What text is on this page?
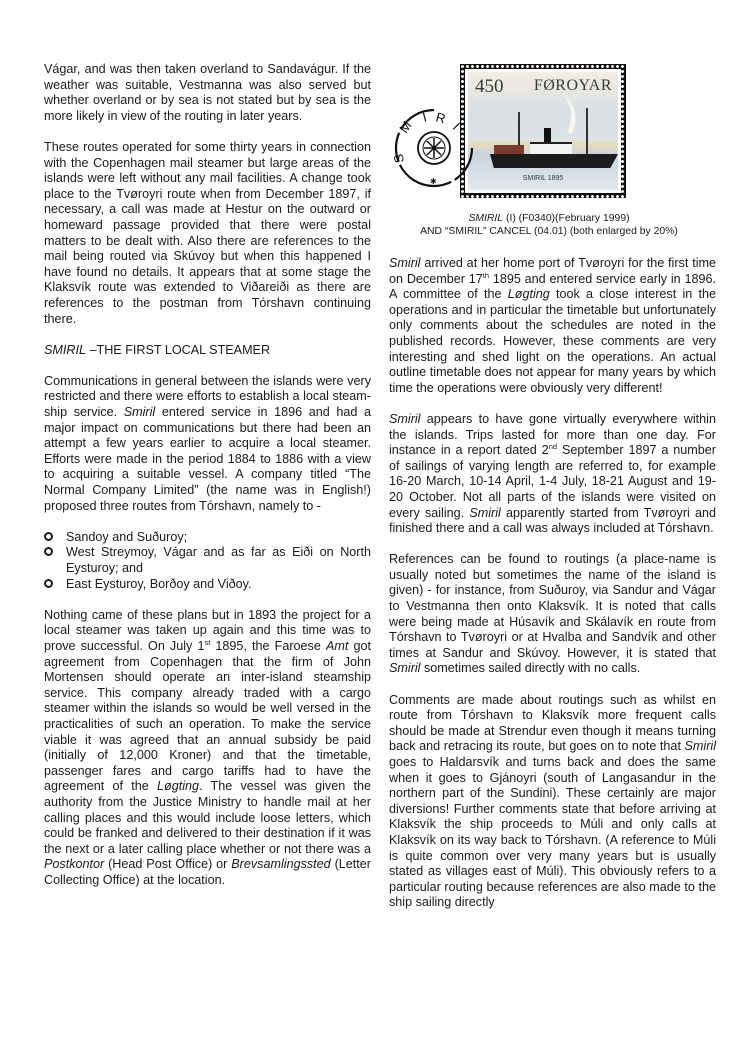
Vágar, and was then taken overland to Sandavágur. If the weather was suitable, Vestmanna was also served but whether overland or by sea is not stated but by sea is the more likely in view of the routing in later years.

These routes operated for some thirty years in connection with the Copenhagen mail steamer but large areas of the islands were left without any mail facilities. A change took place to the Tvøroyri route when from December 1897, if necessary, a call was made at Hestur on the outward or homeward passage provided that there were postal matters to be dealt with. Also there are references to the mail being routed via Skúvoy but when this happened I have found no details. It appears that at some stage the Klaksvík route was extended to Viðareiði as there are references to the postman from Tórshavn continuing there.

SMIRIL –THE FIRST LOCAL STEAMER

Communications in general between the islands were very restricted and there were efforts to establish a local steam-ship service. Smiril entered service in 1896 and had a major impact on communications but there had been an attempt a few years earlier to acquire a local steamer. Efforts were made in the period 1884 to 1886 with a view to acquiring a suitable vessel. A company titled “The Normal Company Limited” (the name was in English!) proposed three routes from Tórshavn, namely to -

Sandoy and Suðuroy;
West Streymoy, Vágar and as far as Eiði on North Eysturoy; and
East Eysturoy, Borðoy and Viðoy.

Nothing came of these plans but in 1893 the project for a local steamer was taken up again and this time was to prove successful. On July 1st 1895, the Faroese Amt got agreement from Copenhagen that the firm of John Mortensen should operate an inter-island steamship service. This company already traded with a cargo steamer within the islands so would be well versed in the practicalities of such an operation. To make the service viable it was agreed that an annual subsidy be paid (initially of 12,000 Kroner) and that the timetable, passenger fares and cargo tariffs had to have the agreement of the Løgting. The vessel was given the authority from the Justice Ministry to handle mail at her calling places and this would include loose letters, which could be franked and delivered to their destination if it was the next or a later calling place whether or not there was a Postkontor (Head Post Office) or Brevsamlingssted (Letter Collecting Office) at the location.

450 FØROYAR
SMIRIL 1895
S
M
I R I
✱
SMIRIL (I) (F0340)(February 1999)
AND “SMIRIL” CANCEL (04.01) (both enlarged by 20%)

Smiril arrived at her home port of Tvøroyri for the first time on December 17th 1895 and entered service early in 1896. A committee of the Løgting took a close interest in the operations and in particular the timetable but unfortunately only comments about the schedules are noted in the published records. However, these comments are very interesting and shed light on the operations. An actual outline timetable does not appear for many years by which time the operations were obviously very different!

Smiril appears to have gone virtually everywhere within the islands. Trips lasted for more than one day. For instance in a report dated 2nd September 1897 a number of sailings of varying length are referred to, for example 16-20 March, 10-14 April, 1-4 July, 18-21 August and 19-20 October. Not all parts of the islands were visited on every sailing. Smiril apparently started from Tvøroyri and finished there and a call was always included at Tórshavn.

References can be found to routings (a place-name is usually noted but sometimes the name of the island is given) - for instance, from Suðuroy, via Sandur and Vágar to Vestmanna then onto Klaksvík. It is noted that calls were being made at Húsavík and Skálavík en route from Tórshavn to Tvøroyri or at Hvalba and Sandvík and other times at Sandur and Skúvoy. However, it is stated that Smiril sometimes sailed directly with no calls.

Comments are made about routings such as whilst en route from Tórshavn to Klaksvík more frequent calls should be made at Strendur even though it means turning back and retracing its route, but goes on to note that Smiril goes to Haldarsvík and turns back and does the same when it goes to Gjánoyri (south of Langasandur in the northern part of the Sundini). These certainly are major diversions! Further comments state that before arriving at Klaksvík the ship proceeds to Múli and only calls at Klaksvík on its way back to Tórshavn. (A reference to Múli is quite common over very many years but is usually stated as villages east of Múli). This obviously refers to a particular routing because references are also made to the ship sailing directly
